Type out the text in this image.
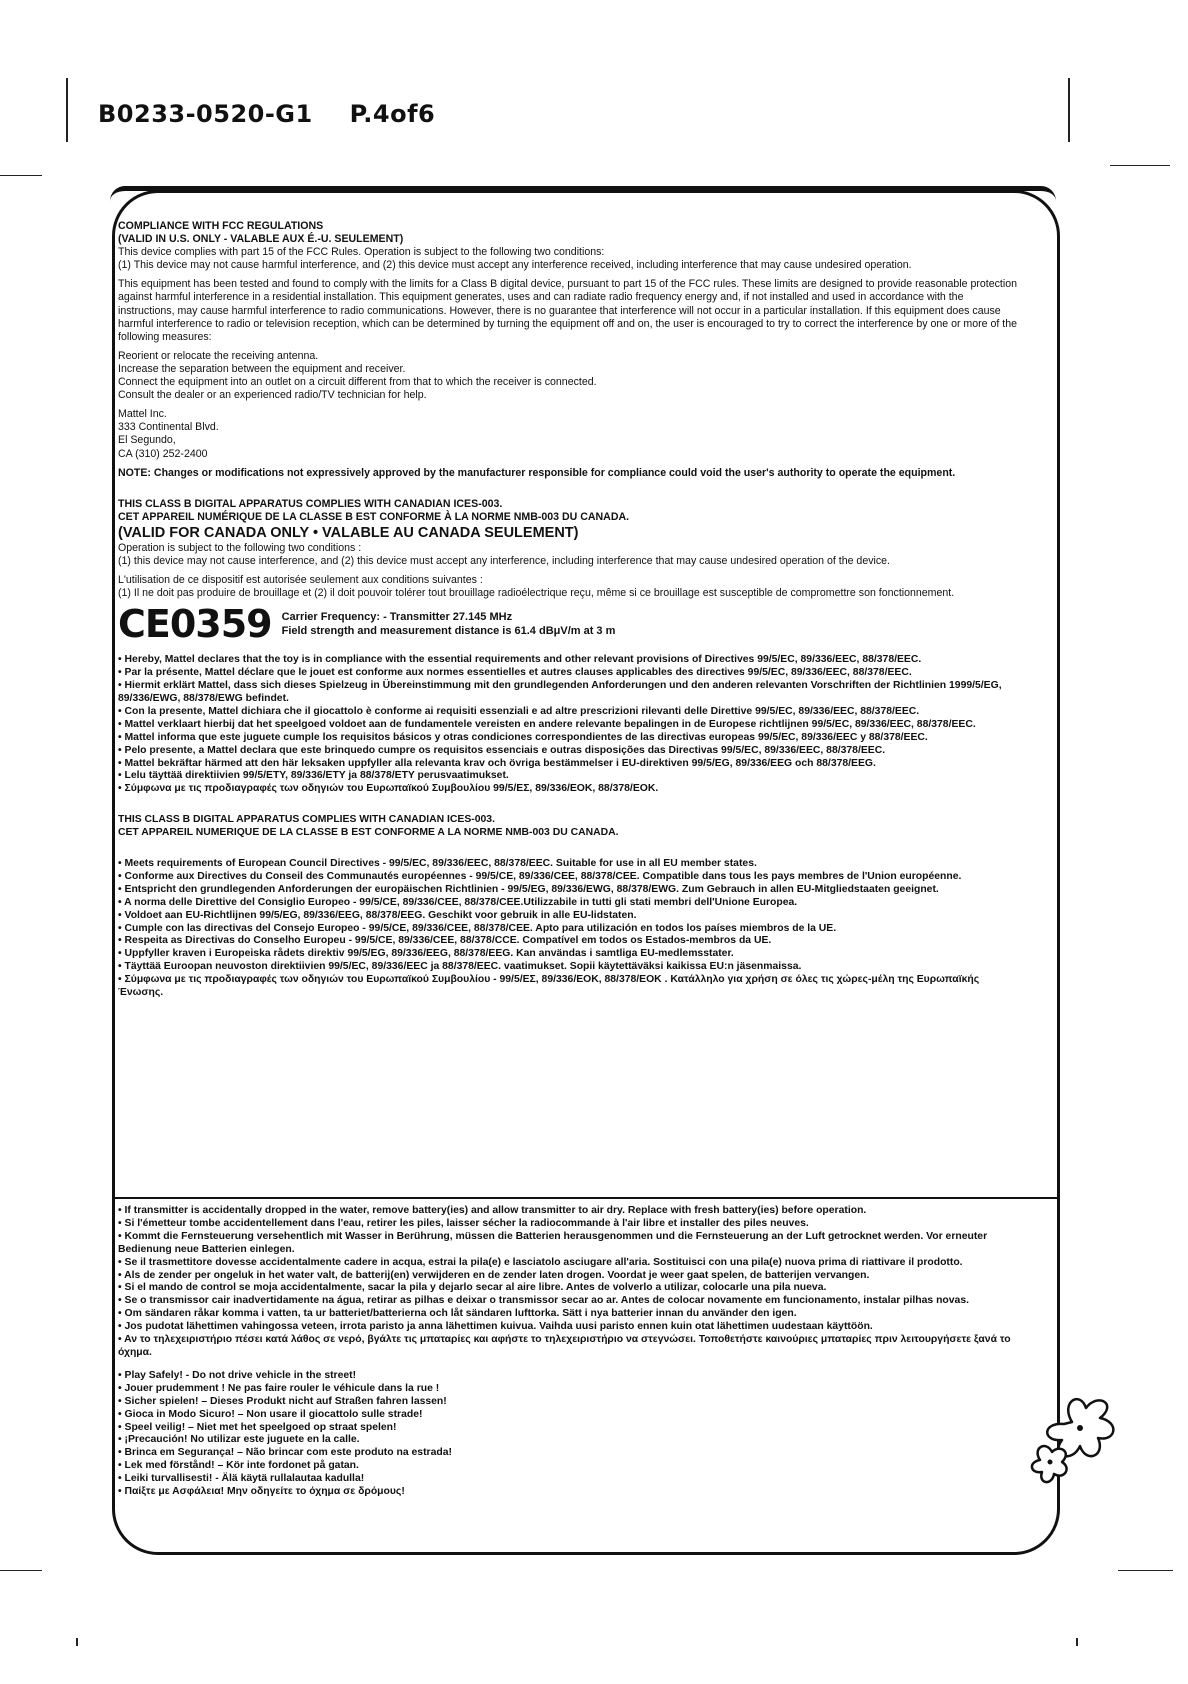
B0233-0520-G1 P.4of6

COMPLIANCE WITH FCC REGULATIONS

(VALID IN U.S. ONLY - VALABLE AUX É.-U. SEULEMENT)

This device complies with part 15 of the FCC Rules. Operation is subject to the following two conditions:

(1) This device may not cause harmful interference, and (2) this device must accept any interference received, including interference that may cause undesired operation.

This equipment has been tested and found to comply with the limits for a Class B digital device, pursuant to part 15 of the FCC rules. These limits are designed to provide reasonable protection against harmful interference in a residential installation. This equipment generates, uses and can radiate radio frequency energy and, if not installed and used in accordance with the instructions, may cause harmful interference to radio communications. However, there is no guarantee that interference will not occur in a particular installation. If this equipment does cause harmful interference to radio or television reception, which can be determined by turning the equipment off and on, the user is encouraged to try to correct the interference by one or more of the following measures:

Reorient or relocate the receiving antenna.

Increase the separation between the equipment and receiver.

Connect the equipment into an outlet on a circuit different from that to which the receiver is connected.

Consult the dealer or an experienced radio/TV technician for help.

Mattel Inc.

333 Continental Blvd.

El Segundo,

CA (310) 252-2400

NOTE: Changes or modifications not expressively approved by the manufacturer responsible for compliance could void the user's authority to operate the equipment.

THIS CLASS B DIGITAL APPARATUS COMPLIES WITH CANADIAN ICES-003.

CET APPAREIL NUMÉRIQUE DE LA CLASSE B EST CONFORME À LA NORME NMB-003 DU CANADA.

(VALID FOR CANADA ONLY • VALABLE AU CANADA SEULEMENT)

Operation is subject to the following two conditions :

(1) this device may not cause interference, and (2) this device must accept any interference, including interference that may cause undesired operation of the device.

L'utilisation de ce dispositif est autorisée seulement aux conditions suivantes :

(1) Il ne doit pas produire de brouillage et (2) il doit pouvoir tolérer tout brouillage radioélectrique reçu, même si ce brouillage est susceptible de compromettre son fonctionnement.

CE0359 Carrier Frequency: - Transmitter 27.145 MHz
Field strength and measurement distance is 61.4 dBμV/m at 3 m

• Hereby, Mattel declares that the toy is in compliance with the essential requirements and other relevant provisions of Directives 99/5/EC, 89/336/EEC, 88/378/EEC.

• Par la présente, Mattel déclare que le jouet est conforme aux normes essentielles et autres clauses applicables des directives 99/5/EC, 89/336/EEC, 88/378/EEC.

• Hiermit erklärt Mattel, dass sich dieses Spielzeug in Übereinstimmung mit den grundlegenden Anforderungen und den anderen relevanten Vorschriften der Richtlinien 1999/5/EG, 89/336/EWG, 88/378/EWG befindet.

• Con la presente, Mattel dichiara che il giocattolo è conforme ai requisiti essenziali e ad altre prescrizioni rilevanti delle Direttive 99/5/EC, 89/336/EEC, 88/378/EEC.

• Mattel verklaart hierbij dat het speelgoed voldoet aan de fundamentele vereisten en andere relevante bepalingen in de Europese richtlijnen 99/5/EC, 89/336/EEC, 88/378/EEC.

• Mattel informa que este juguete cumple los requisitos básicos y otras condiciones correspondientes de las directivas europeas 99/5/EC, 89/336/EEC y 88/378/EEC.

• Pelo presente, a Mattel declara que este brinquedo cumpre os requisitos essenciais e outras disposições das Directivas 99/5/EC, 89/336/EEC, 88/378/EEC.

• Mattel bekräftar härmed att den här leksaken uppfyller alla relevanta krav och övriga bestämmelser i EU-direktiven 99/5/EG, 89/336/EEG och 88/378/EEG.

• Lelu täyttää direktiivien 99/5/ETY, 89/336/ETY ja 88/378/ETY perusvaatimukset.

• Σύμφωνα με τις προδιαγραφές των οδηγιών του Ευρωπαϊκού Συμβουλίου 99/5/ΕΣ, 89/336/ΕΟΚ, 88/378/ΕΟΚ.

THIS CLASS B DIGITAL APPARATUS COMPLIES WITH CANADIAN ICES-003.

CET APPAREIL NUMERIQUE DE LA CLASSE B EST CONFORME A LA NORME NMB-003 DU CANADA.

• Meets requirements of European Council Directives - 99/5/EC, 89/336/EEC, 88/378/EEC. Suitable for use in all EU member states.

• Conforme aux Directives du Conseil des Communautés européennes - 99/5/CE, 89/336/CEE, 88/378/CEE. Compatible dans tous les pays membres de l'Union européenne.

• Entspricht den grundlegenden Anforderungen der europäischen Richtlinien - 99/5/EG, 89/336/EWG, 88/378/EWG. Zum Gebrauch in allen EU-Mitgliedstaaten geeignet.

• A norma delle Direttive del Consiglio Europeo - 99/5/CE, 89/336/CEE, 88/378/CEE.Utilizzabile in tutti gli stati membri dell'Unione Europea.

• Voldoet aan EU-Richtlijnen 99/5/EG, 89/336/EEG, 88/378/EEG. Geschikt voor gebruik in alle EU-lidstaten.

• Cumple con las directivas del Consejo Europeo - 99/5/CE, 89/336/CEE, 88/378/CEE. Apto para utilización en todos los países miembros de la UE.

• Respeita as Directivas do Conselho Europeu - 99/5/CE, 89/336/CEE, 88/378/CCE. Compatível em todos os Estados-membros da UE.

• Uppfyller kraven i Europeiska rådets direktiv 99/5/EG, 89/336/EEG, 88/378/EEG. Kan användas i samtliga EU-medlemsstater.

• Täyttää Euroopan neuvoston direktiivien 99/5/EC, 89/336/EEC ja 88/378/EEC. vaatimukset. Sopii käytettäväksi kaikissa EU:n jäsenmaissa.

• Σύμφωνα με τις προδιαγραφές των οδηγιών του Ευρωπαϊκού Συμβουλίου - 99/5/ΕΣ, 89/336/ΕΟΚ, 88/378/ΕΟΚ . Κατάλληλο για χρήση σε όλες τις χώρες-μέλη της Ευρωπαϊκής Ένωσης.

• If transmitter is accidentally dropped in the water, remove battery(ies) and allow transmitter to air dry. Replace with fresh battery(ies) before operation.

• Si l'émetteur tombe accidentellement dans l'eau, retirer les piles, laisser sécher la radiocommande à l'air libre et installer des piles neuves.

• Kommt die Fernsteuerung versehentlich mit Wasser in Berührung, müssen die Batterien herausgenommen und die Fernsteuerung an der Luft getrocknet werden. Vor erneuter Bedienung neue Batterien einlegen.

• Se il trasmettitore dovesse accidentalmente cadere in acqua, estrai la pila(e) e lasciatolo asciugare all'aria. Sostituisci con una pila(e) nuova prima di riattivare il prodotto.

• Als de zender per ongeluk in het water valt, de batterij(en) verwijderen en de zender laten drogen. Voordat je weer gaat spelen, de batterijen vervangen.

• Si el mando de control se moja accidentalmente, sacar la pila y dejarlo secar al aire libre. Antes de volverlo a utilizar, colocarle una pila nueva.

• Se o transmissor cair inadvertidamente na água, retirar as pilhas e deixar o transmissor secar ao ar. Antes de colocar novamente em funcionamento, instalar pilhas novas.

• Om sändaren råkar komma i vatten, ta ur batteriet/batterierna och låt sändaren lufttorka. Sätt i nya batterier innan du använder den igen.

• Jos pudotat lähettimen vahingossa veteen, irrota paristo ja anna lähettimen kuivua. Vaihda uusi paristo ennen kuin otat lähettimen uudestaan käyttöön.

• Αν το τηλεχειριστήριο πέσει κατά λάθος σε νερό, βγάλτε τις μπαταρίες και αφήστε το τηλεχειριστήριο να στεγνώσει. Τοποθετήστε καινούριες μπαταρίες πριν λειτουργήσετε ξανά το όχημα.

• Play Safely! - Do not drive vehicle in the street!

• Jouer prudemment ! Ne pas faire rouler le véhicule dans la rue !

• Sicher spielen! – Dieses Produkt nicht auf Straßen fahren lassen!

• Gioca in Modo Sicuro! – Non usare il giocattolo sulle strade!

• Speel veilig! – Niet met het speelgoed op straat spelen!

• ¡Precaución! No utilizar este juguete en la calle.

• Brinca em Segurança! – Não brincar com este produto na estrada!

• Lek med förstånd! – Kör inte fordonet på gatan.

• Leiki turvallisesti! - Älä käytä rullalautaa kadulla!

• Παίξτε με Ασφάλεια! Μην οδηγείτε το όχημα σε δρόμους!
